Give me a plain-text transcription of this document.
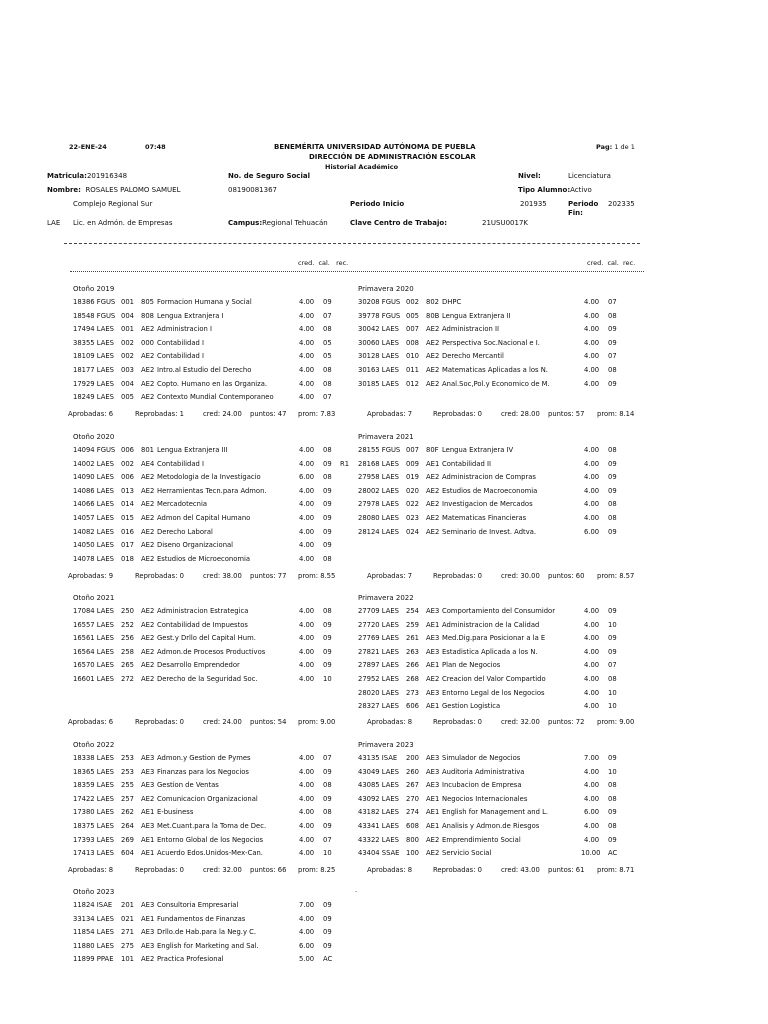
22-ENE-24	07:48	BENEMÉRITA UNIVERSIDAD AUTÓNOMA DE PUEBLA
DIRECCIÓN DE ADMINISTRACIÓN ESCOLAR
Historial Académico
Pag: 1 de 1
Matricula:201916348	No. de Seguro Social	Nivel:	Licenciatura
Nombre: ROSALES PALOMO SAMUEL	08190081367	Tipo Alumno:Activo
Complejo Regional Sur	Periodo Inicio	201935	Periodo Fin:
202335
LAE Lic. en Admón. de Empresas	Campus:Regional Tehuacán	Clave Centro de Trabajo:	21USU0017K
cred. cal. rec.	cred. cal. rec.
Otoño 2019
18386 FGUS 001 805 Formacion Humana y Social	4.00 09
18548 FGUS 004 808 Lengua Extranjera I	4.00 07
17494 LAES 001 AE2 Administracion I	4.00 08
38355 LAES 002 000 Contabilidad I	4.00 05
18109 LAES 002 AE2 Contabilidad I	4.00 05
18177 LAES 003 AE2 Intro.al Estudio del Derecho	4.00 08
17929 LAES 004 AE2 Copto. Humano en las Organiza.	4.00 08
18249 LAES 005 AE2 Contexto Mundial Contemporaneo	4.00 07
Aprobadas: 6	Reprobadas: 1	cred: 24.00 puntos: 47 prom: 7.83
Primavera 2020
30208 FGUS 002 802 DHPC	4.00 07
39778 FGUS 005 80B Lengua Extranjera II	4.00 08
30042 LAES 007 AE2 Administracion II	4.00 09
30060 LAES 008 AE2 Perspectiva Soc.Nacional e I.	4.00 09
30128 LAES 010 AE2 Derecho Mercantil	4.00 07
30163 LAES 011 AE2 Matematicas Aplicadas a los N.	4.00 08
30185 LAES 012 AE2 Anal.Soc,Pol.y Economico de M.	4.00 09
Aprobadas: 7	Reprobadas: 0	cred: 28.00 puntos: 57 prom: 8.14
Otoño 2020
14094 FGUS 006 801 Lengua Extranjera III	4.00 08
14002 LAES 002 AE4 Contabilidad I	4.00 09 R1
14090 LAES 006 AE2 Metodologia de la Investigacio	6.00 08
14086 LAES 013 AE2 Herramientas Tecn.para Admon.	4.00 09
14066 LAES 014 AE2 Mercadotecnia	4.00 09
14057 LAES 015 AE2 Admon del Capital Humano	4.00 09
14082 LAES 016 AE2 Derecho Laboral	4.00 09
14050 LAES 017 AE2 Diseno Organizacional	4.00 09
14078 LAES 018 AE2 Estudios de Microeconomia	4.00 08
Aprobadas: 9	Reprobadas: 0	cred: 38.00 puntos: 77 prom: 8.55
Primavera 2021
28155 FGUS 007 80F Lengua Extranjera IV	4.00 08
28168 LAES 009 AE1 Contabilidad II	4.00 09
27958 LAES 019 AE2 Administracion de Compras	4.00 09
28002 LAES 020 AE2 Estudios de Macroeconomia	4.00 09
27978 LAES 022 AE2 Investigacion de Mercados	4.00 08
28080 LAES 023 AE2 Matematicas Financieras	4.00 08
28124 LAES 024 AE2 Seminario de Invest. Adtva.	6.00 09
Aprobadas: 7	Reprobadas: 0	cred: 30.00 puntos: 60 prom: 8.57
Otoño 2021
17084 LAES 250 AE2 Administracion Estrategica	4.00 08
16557 LAES 252 AE2 Contabilidad de Impuestos	4.00 09
16561 LAES 256 AE2 Gest.y Drllo del Capital Hum.	4.00 09
16564 LAES 258 AE2 Admon.de Procesos Productivos	4.00 09
16570 LAES 265 AE2 Desarrollo Emprendedor	4.00 09
16601 LAES 272 AE2 Derecho de la Seguridad Soc.	4.00 10
Aprobadas: 6	Reprobadas: 0	cred: 24.00 puntos: 54 prom: 9.00
Primavera 2022
27709 LAES 254 AE3 Comportamiento del Consumidor	4.00 09
27720 LAES 259 AE1 Administracion de la Calidad	4.00 10
27769 LAES 261 AE3 Med.Dig.para Posicionar a la E	4.00 09
27821 LAES 263 AE3 Estadistica Aplicada a los N.	4.00 09
27897 LAES 266 AE1 Plan de Negocios	4.00 07
27952 LAES 268 AE2 Creacion del Valor Compartido	4.00 08
28020 LAES 273 AE3 Entorno Legal de los Negocios	4.00 10
28327 LAES 606 AE1 Gestion Logistica	4.00 10
Aprobadas: 8	Reprobadas: 0	cred: 32.00 puntos: 72 prom: 9.00
Otoño 2022
18338 LAES 253 AE3 Admon.y Gestion de Pymes	4.00 07
18365 LAES 253 AE3 Finanzas para los Negocios	4.00 09
18359 LAES 255 AE3 Gestion de Ventas	4.00 08
17422 LAES 257 AE2 Comunicacion Organizacional	4.00 09
17380 LAES 262 AE1 E-business	4.00 08
18375 LAES 264 AE3 Met.Cuant.para la Toma de Dec.	4.00 09
17393 LAES 269 AE1 Entorno Global de los Negocios	4.00 07
17413 LAES 604 AE1 Acuerdo Edos.Unidos-Mex-Can.	4.00 10
Aprobadas: 8	Reprobadas: 0	cred: 32.00 puntos: 66 prom: 8.25
Primavera 2023
43135 ISAE 200 AE3 Simulador de Negocios	7.00 09
43049 LAES 260 AE3 Auditoria Administrativa	4.00 10
43085 LAES 267 AE3 Incubacion de Empresa	4.00 08
43092 LAES 270 AE1 Negocios Internacionales	4.00 08
43182 LAES 274 AE1 English for Management and L.	6.00 09
43341 LAES 608 AE1 Analisis y Admon.de Riesgos	4.00 08
43322 LAES 800 AE2 Emprendimiento Social	4.00 09
43404 SSAE 100 AE2 Servicio Social	10.00 AC
Aprobadas: 8	Reprobadas: 0	cred: 43.00 puntos: 61 prom: 8.71
Otoño 2023
11824 ISAE 201 AE3 Consultoria Empresarial	7.00 09
33134 LAES 021 AE1 Fundamentos de Finanzas	4.00 09
11854 LAES 271 AE3 Drllo.de Hab.para la Neg.y C.	4.00 09
11880 LAES 275 AE3 English for Marketing and Sal.	6.00 09
11899 PPAE 101 AE2 Practica Profesional	5.00 AC
.
